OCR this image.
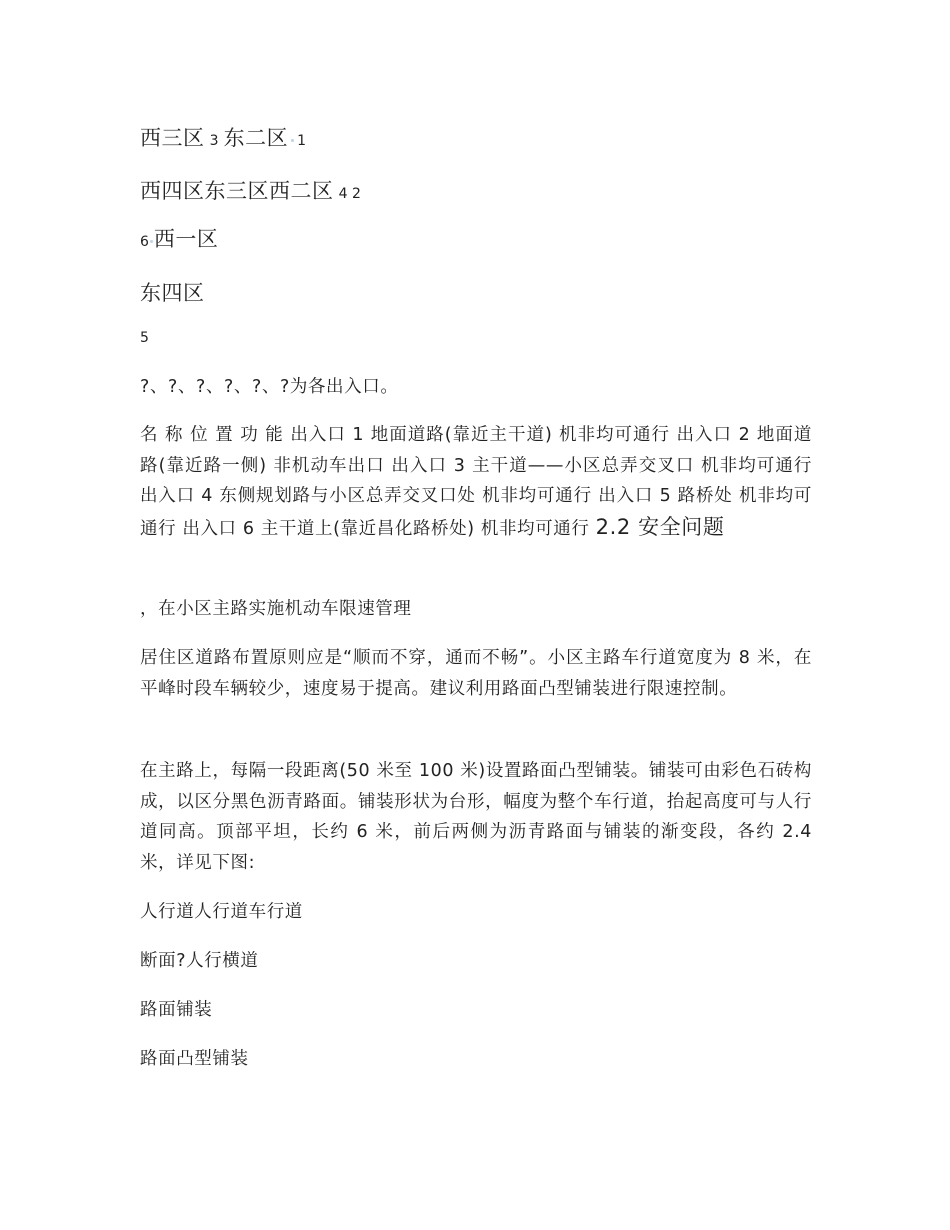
西三区 3 东二区 1
西四区东三区西二区 4 2
6 西一区
东四区
5
?、?、?、?、?、?为各出入口。
名 称 位 置 功 能 出入口 1 地面道路(靠近主干道) 机非均可通行 出入口 2 地面道路(靠近路一侧) 非机动车出口 出入口 3 主干道——小区总弄交叉口 机非均可通行 出入口 4 东侧规划路与小区总弄交叉口处 机非均可通行 出入口 5 路桥处 机非均可通行 出入口 6 主干道上(靠近昌化路桥处) 机非均可通行 2.2 安全问题
，在小区主路实施机动车限速管理
居住区道路布置原则应是“顺而不穿，通而不畅”。小区主路车行道宽度为 8 米，在平峰时段车辆较少，速度易于提高。建议利用路面凸型铺装进行限速控制。
在主路上，每隔一段距离(50 米至 100 米)设置路面凸型铺装。铺装可由彩色石砖构成，以区分黑色沥青路面。铺装形状为台形，幅度为整个车行道，抬起高度可与人行道同高。顶部平坦，长约 6 米，前后两侧为沥青路面与铺装的渐变段，各约 2.4 米，详见下图:
人行道人行道车行道
断面?人行横道
路面铺装
路面凸型铺装
